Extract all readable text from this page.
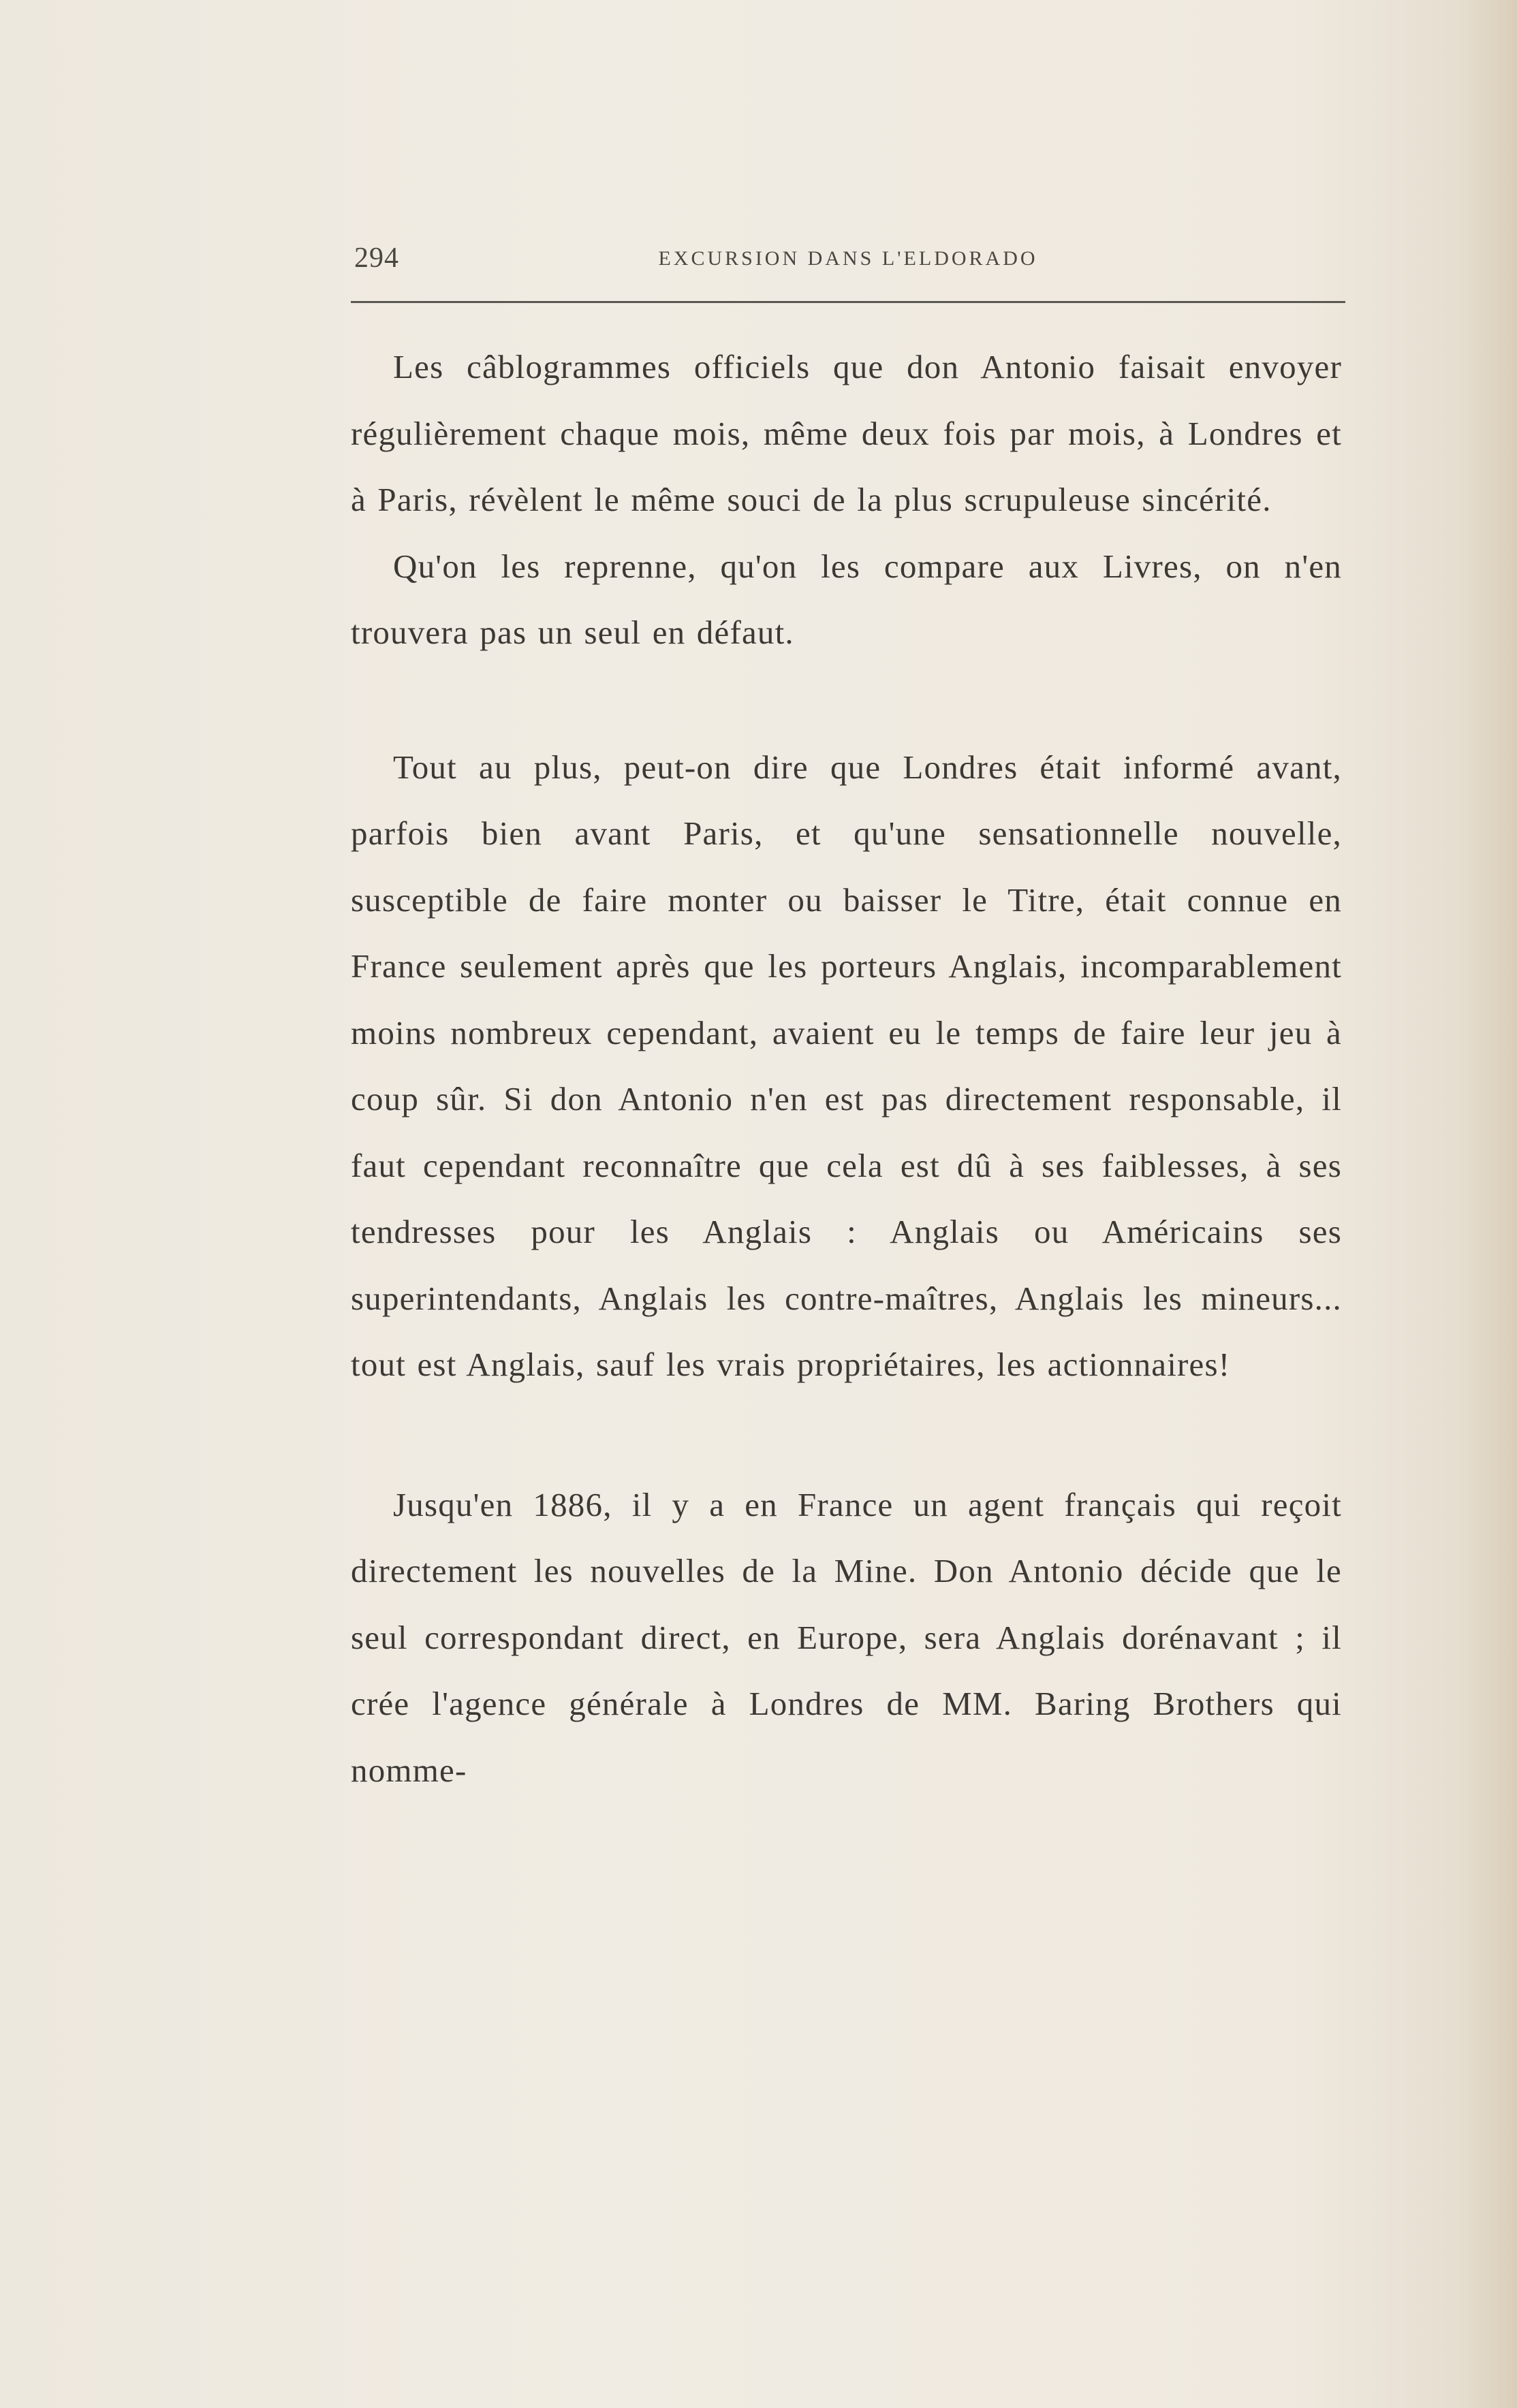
294	EXCURSION DANS L'ELDORADO

Les câblogrammes officiels que don Antonio faisait envoyer régulièrement chaque mois, même deux fois par mois, à Londres et à Paris, révèlent le même souci de la plus scrupuleuse sincérité.

Qu'on les reprenne, qu'on les compare aux Livres, on n'en trouvera pas un seul en défaut.

Tout au plus, peut-on dire que Londres était informé avant, parfois bien avant Paris, et qu'une sensationnelle nouvelle, susceptible de faire monter ou baisser le Titre, était connue en France seulement après que les porteurs Anglais, incomparablement moins nombreux cependant, avaient eu le temps de faire leur jeu à coup sûr. Si don Antonio n'en est pas directement responsable, il faut cependant reconnaître que cela est dû à ses faiblesses, à ses tendresses pour les Anglais : Anglais ou Américains ses superintendants, Anglais les contre-maîtres, Anglais les mineurs... tout est Anglais, sauf les vrais propriétaires, les actionnaires!

Jusqu'en 1886, il y a en France un agent français qui reçoit directement les nouvelles de la Mine. Don Antonio décide que le seul correspondant direct, en Europe, sera Anglais dorénavant ; il crée l'agence générale à Londres de MM. Baring Brothers qui nomme-
